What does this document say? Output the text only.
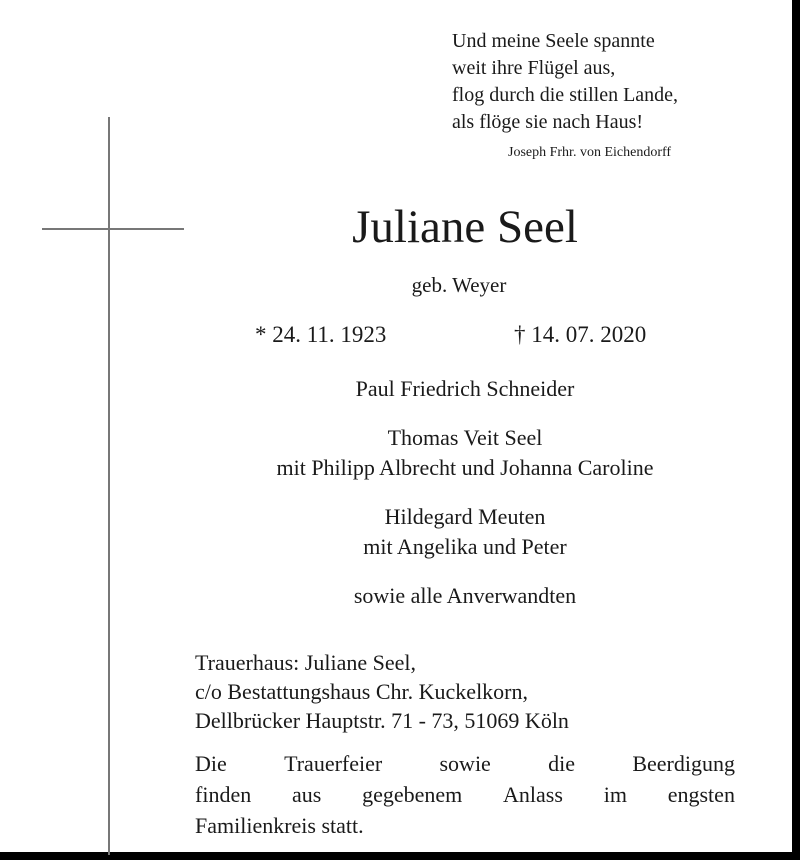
Und meine Seele spannte
weit ihre Flügel aus,
flog durch die stillen Lande,
als flöge sie nach Haus!
Joseph Frhr. von Eichendorff
Juliane Seel
geb. Weyer
* 24. 11. 1923	† 14. 07. 2020
Paul Friedrich Schneider
Thomas Veit Seel
mit Philipp Albrecht und Johanna Caroline
Hildegard Meuten
mit Angelika und Peter
sowie alle Anverwandten
Trauerhaus: Juliane Seel,
c/o Bestattungshaus Chr. Kuckelkorn,
Dellbrücker Hauptstr. 71 - 73, 51069 Köln
Die	Trauerfeier	sowie	die	Beerdigung
finden aus gegebenem Anlass im engsten
Familienkreis statt.
